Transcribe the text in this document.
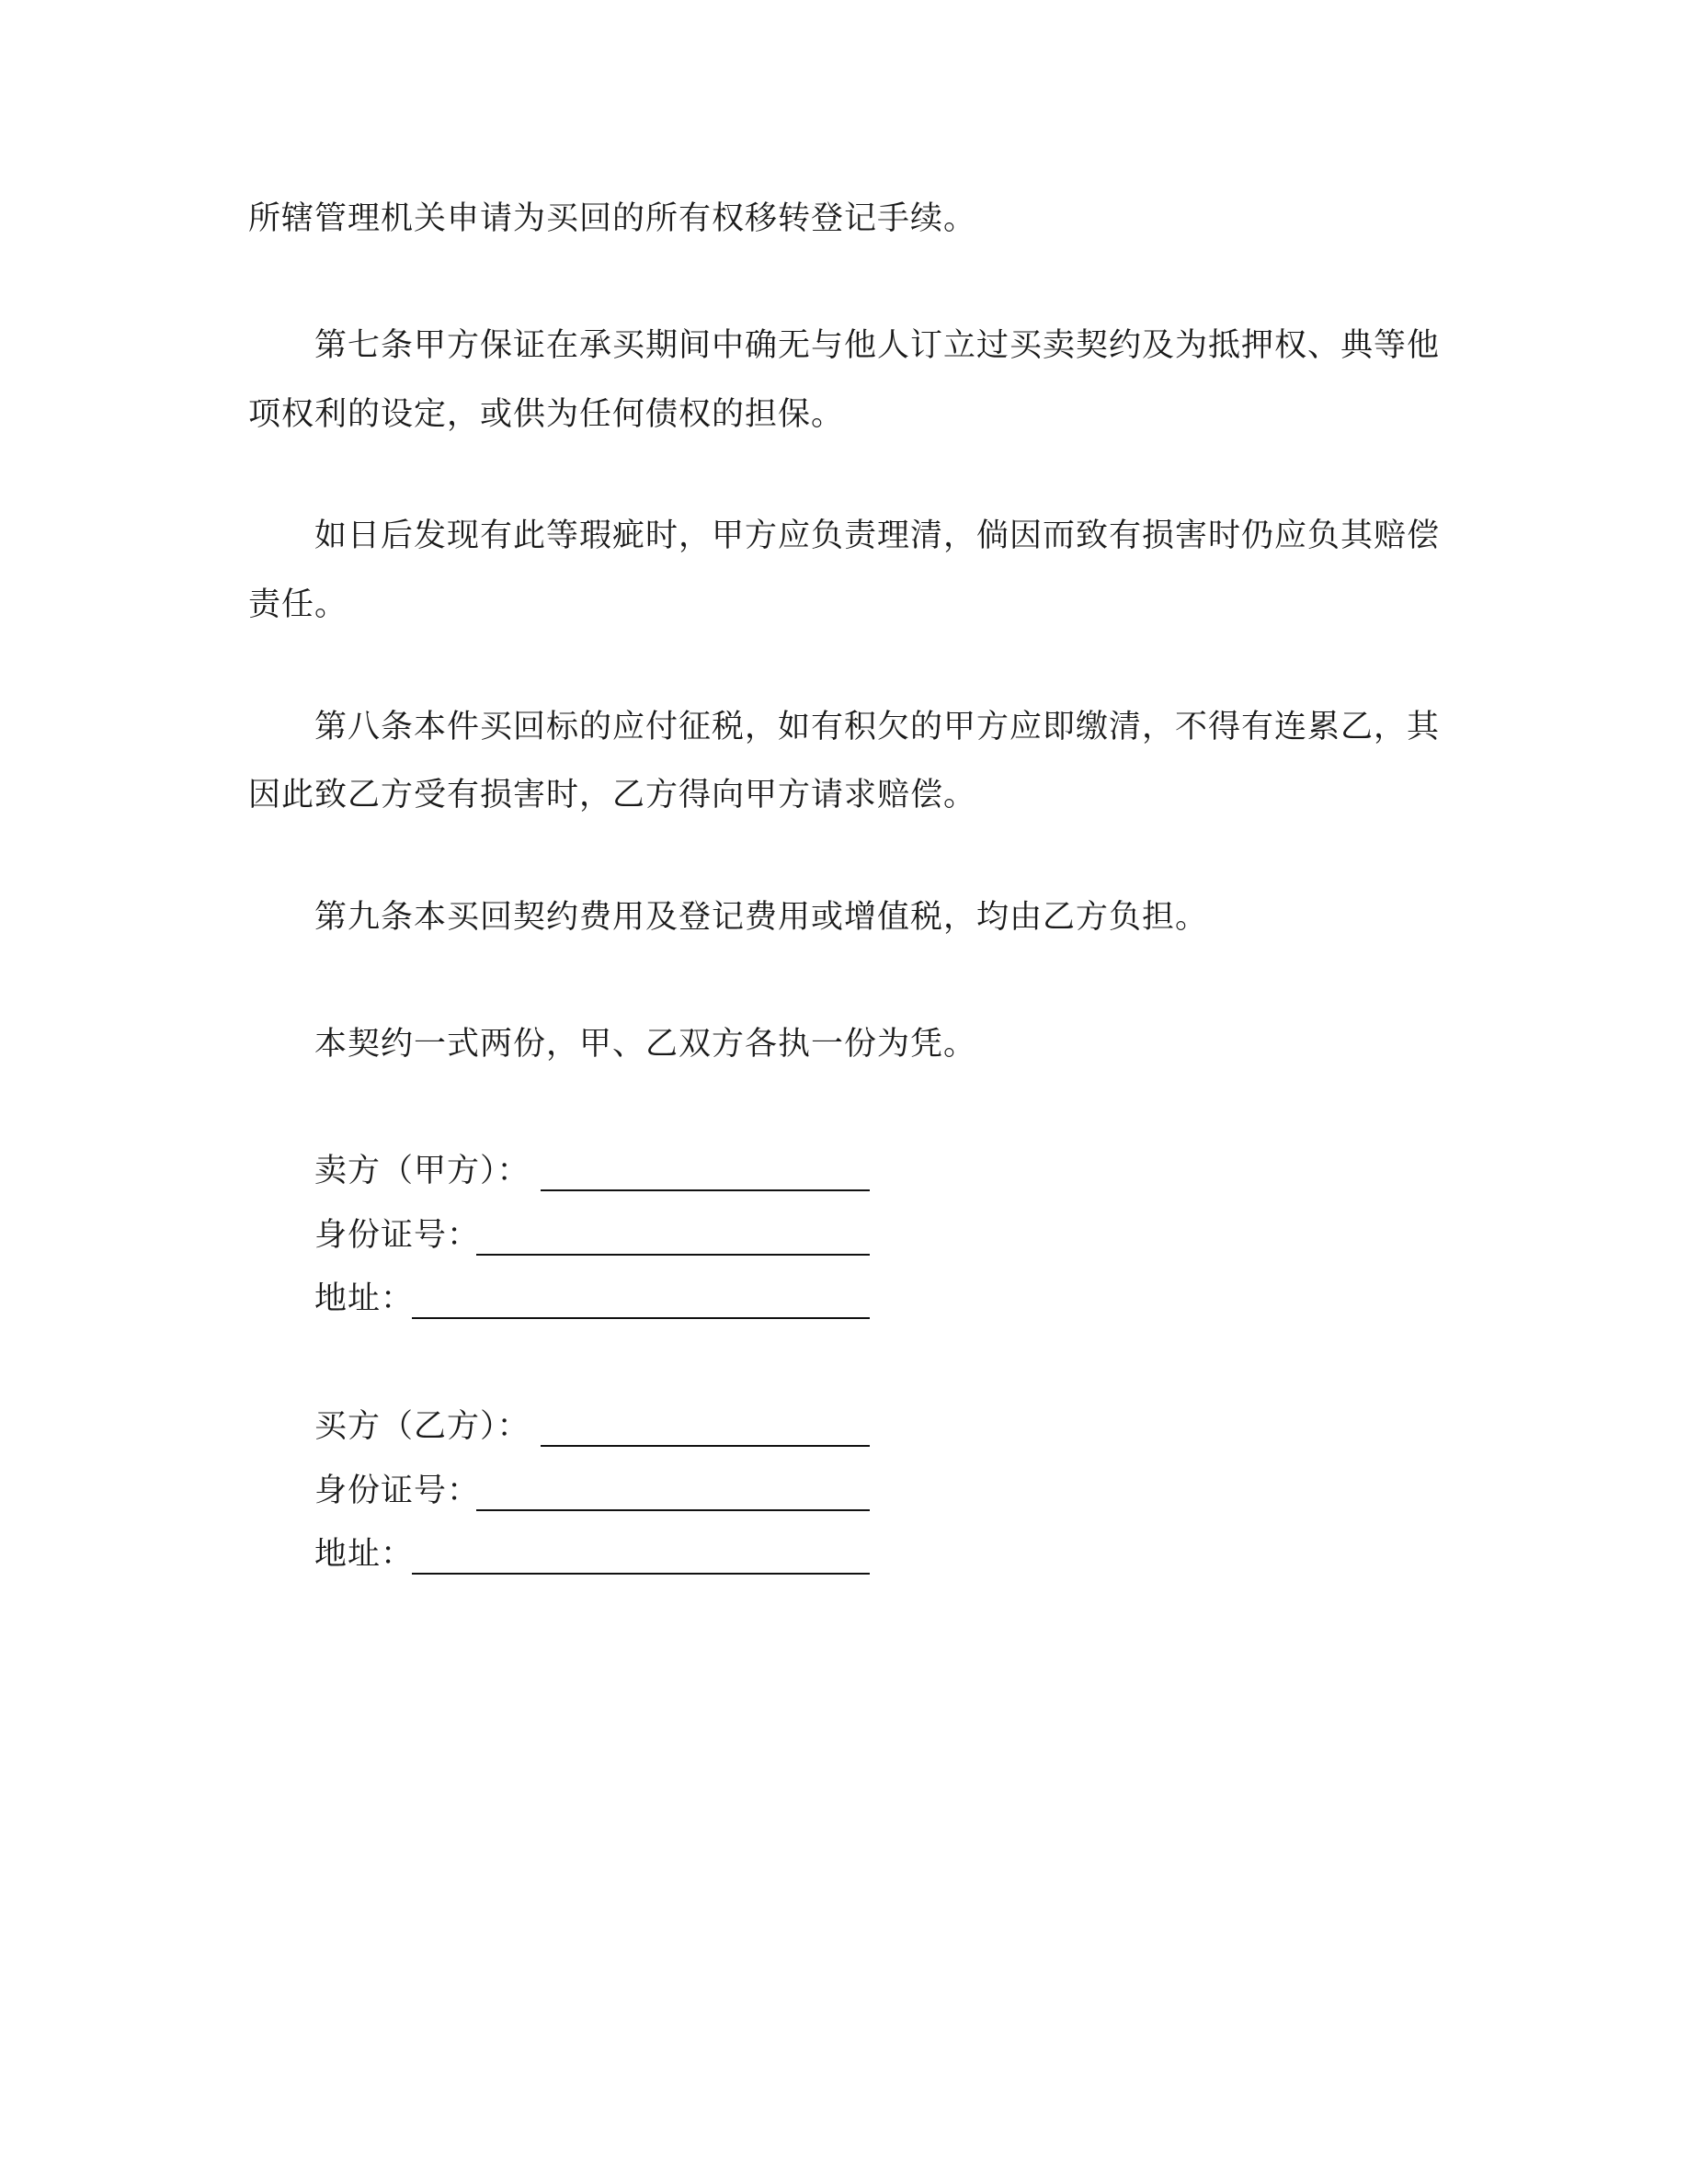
所辖管理机关申请为买回的所有权移转登记手续。

第七条甲方保证在承买期间中确无与他人订立过买卖契约及为抵押权、典等他

项权利的设定，或供为任何债权的担保。

如日后发现有此等瑕疵时，甲方应负责理清，倘因而致有损害时仍应负其赔偿

责任。

第八条本件买回标的应付征税，如有积欠的甲方应即缴清，不得有连累乙，其

因此致乙方受有损害时，乙方得向甲方请求赔偿。

第九条本买回契约费用及登记费用或增值税，均由乙方负担。

本契约一式两份，甲、乙双方各执一份为凭。

卖方（甲方）：

身份证号：

地址：

买方（乙方）：

身份证号：

地址：
